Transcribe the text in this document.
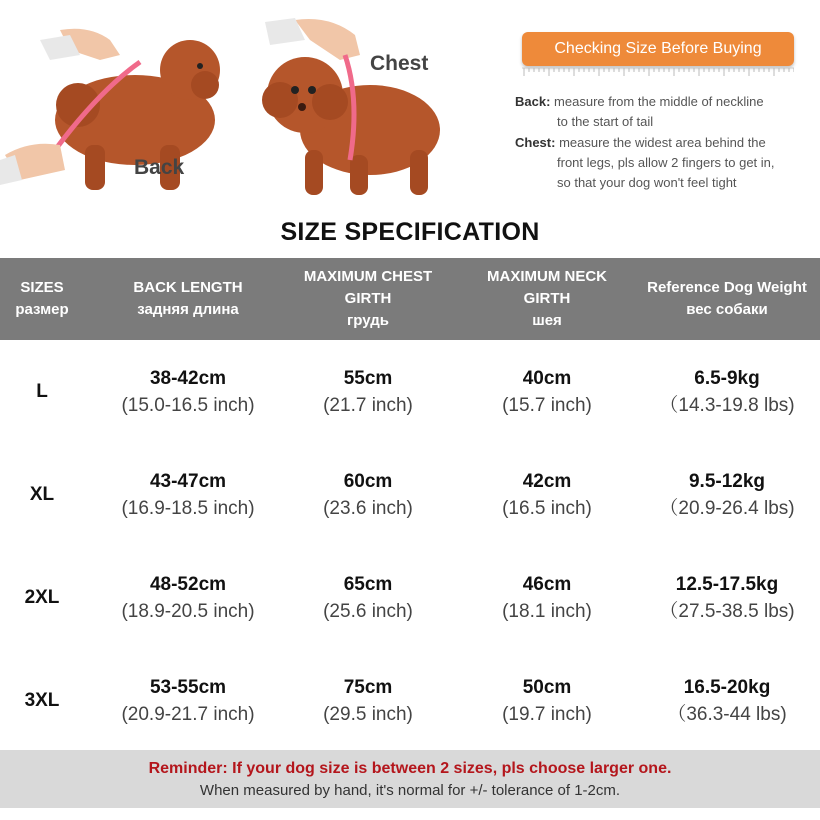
Back
Chest
Checking Size Before Buying
Back: measure from the middle of neckline
to the start of tail
Chest: measure the widest area behind the
front legs, pls allow 2 fingers to get in,
so that your dog won't feel tight
SIZE SPECIFICATION
SIZES
размер
BACK LENGTH
задняя длина
MAXIMUM CHEST
GIRTH
грудь
MAXIMUM NECK
GIRTH
шея
Reference Dog Weight
вес собаки
L
38-42cm
(15.0-16.5 inch)
55cm
(21.7 inch)
40cm
(15.7 inch)
6.5-9kg
（14.3-19.8 lbs)
XL
43-47cm
(16.9-18.5 inch)
60cm
(23.6 inch)
42cm
(16.5 inch)
9.5-12kg
（20.9-26.4 lbs)
2XL
48-52cm
(18.9-20.5 inch)
65cm
(25.6 inch)
46cm
(18.1 inch)
12.5-17.5kg
（27.5-38.5 lbs)
3XL
53-55cm
(20.9-21.7 inch)
75cm
(29.5 inch)
50cm
(19.7 inch)
16.5-20kg
（36.3-44 lbs)
Reminder: If your dog size is between 2 sizes, pls choose larger one.
When measured by hand, it's normal for +/- tolerance of 1-2cm.
